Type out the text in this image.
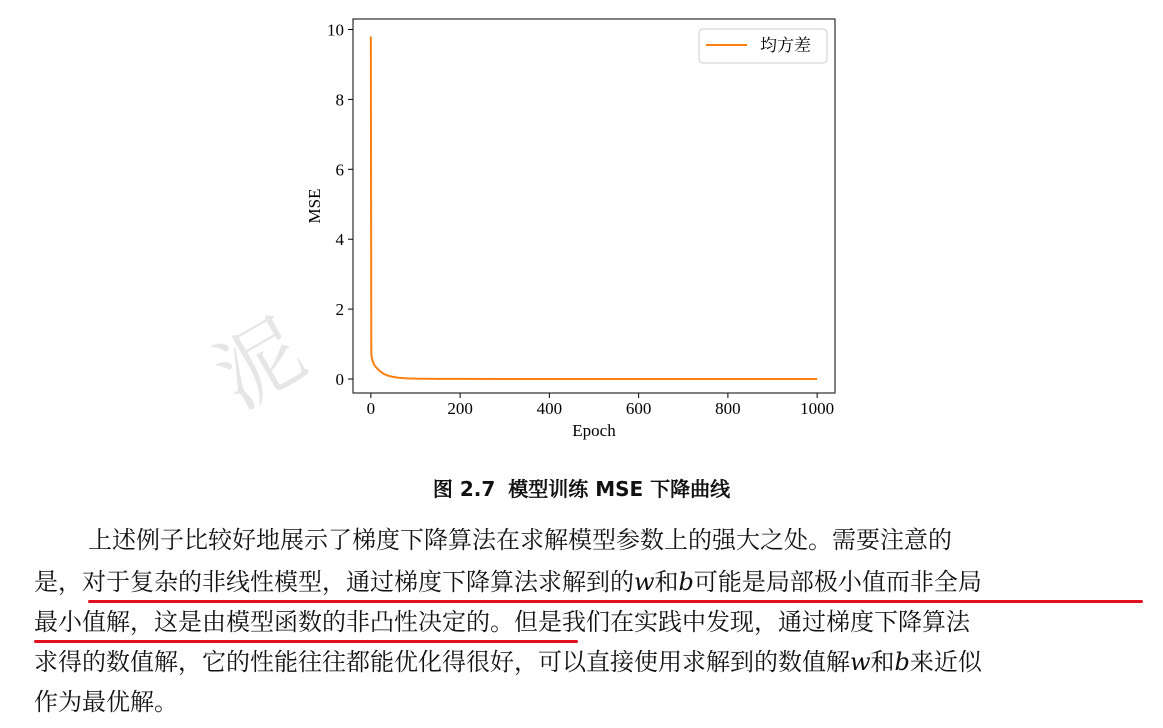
泥 0
2
4
6
8
10
0	200	400	600	800	1000
MSE
Epoch
均方差
图 2.7 模型训练 MSE 下降曲线
上述例子比较好地展示了梯度下降算法在求解模型参数上的强大之处。需要注意的
是，对于复杂的非线性模型，通过梯度下降算法求解到的w和b可能是局部极小值而非全局
最小值解，这是由模型函数的非凸性决定的。但是我们在实践中发现，通过梯度下降算法
求得的数值解，它的性能往往都能优化得很好，可以直接使用求解到的数值解w和b来近似
作为最优解。
